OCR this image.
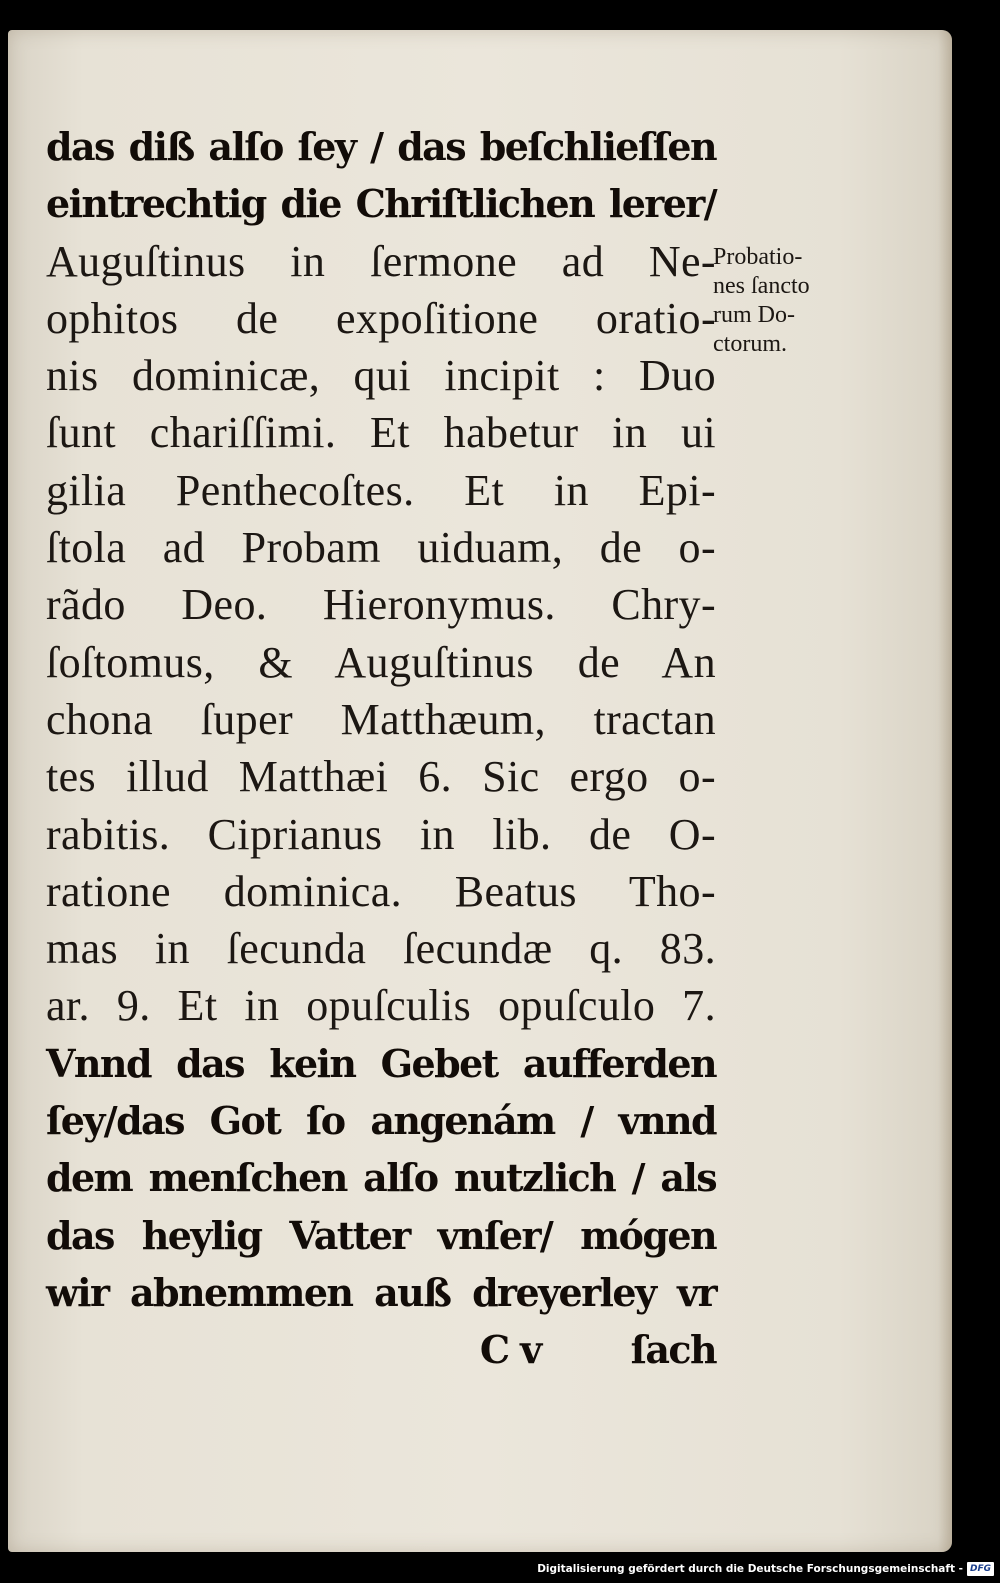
das diß alſo ſey / das beſchlieſſen
eintrechtig die Chriſtlichen lerer/
Auguſtinus in ſermone ad Ne-
ophitos de expoſitione oratio-
nis dominicæ, qui incipit : Duo
ſunt chariſſimi. Et habetur in ui
gilia Penthecoſtes. Et in Epi-
ſtola ad Probam uiduam, de o-
rãdo Deo. Hieronymus. Chry-
ſoſtomus, & Auguſtinus de An
chona ſuper Matthæum, tractan
tes illud Matthæi 6. Sic ergo o-
rabitis. Ciprianus in lib. de O-
ratione dominica. Beatus Tho-
mas in ſecunda ſecundæ q. 83.
ar. 9. Et in opuſculis opuſculo 7.
Vnnd das kein Gebet aufferden
ſey/das Got ſo angenám / vnnd
dem menſchen alſo nutzlich / als
das heylig Vatter vnſer/ mógen
wir abnemmen auß dreyerley vr
C v ſach
Probatio-
nes ſancto
rum Do-
ctorum.
Digitalisierung gefördert durch die Deutsche Forschungsgemeinschaft - DFG
